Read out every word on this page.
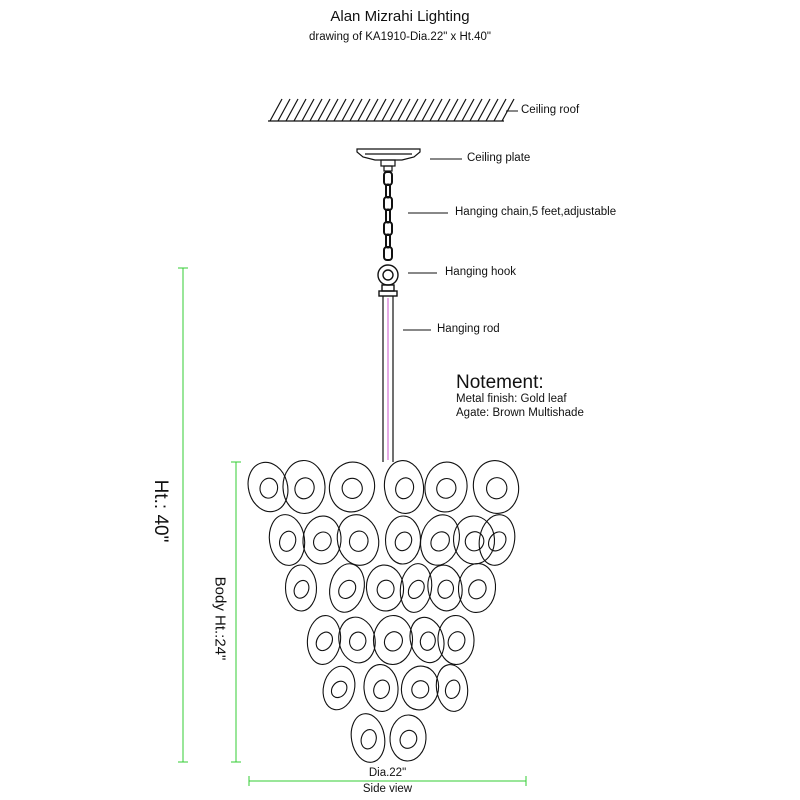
Alan Mizrahi Lighting
drawing of KA1910-Dia.22" x Ht.40"
Ceiling roof
Ceiling plate
Hanging chain,5 feet,adjustable
Hanging hook
Hanging rod
Notement:
Metal finish: Gold leaf
Agate: Brown Multishade
Ht.: 40"
Body Ht.:24"
Dia.22"
Side view
